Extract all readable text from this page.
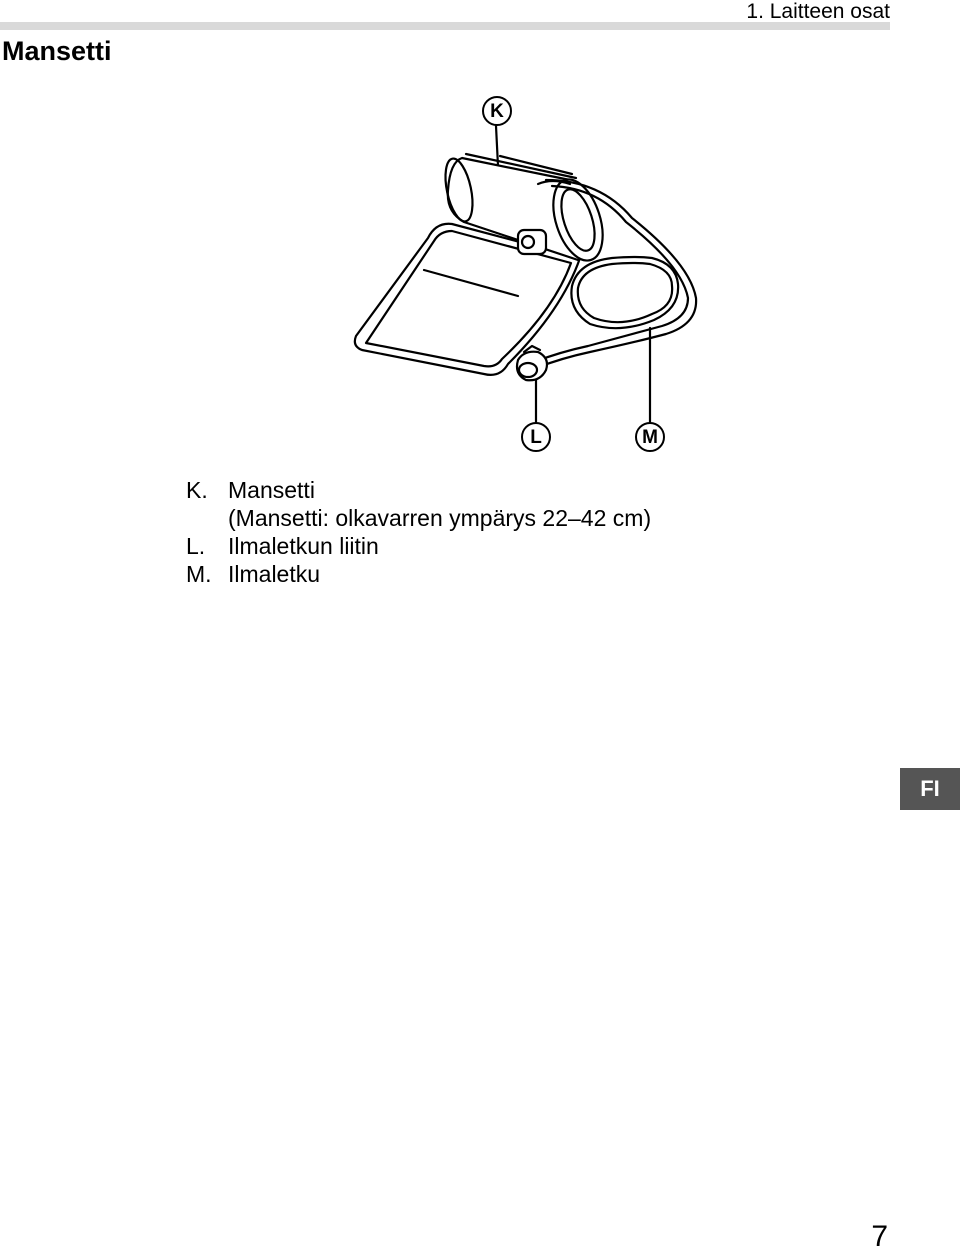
1. Laitteen osat
Mansetti
K
L	M
K. Mansetti
(Mansetti: olkavarren ympärys 22–42 cm)
L. Ilmaletkun liitin
M. Ilmaletku
FI
7
